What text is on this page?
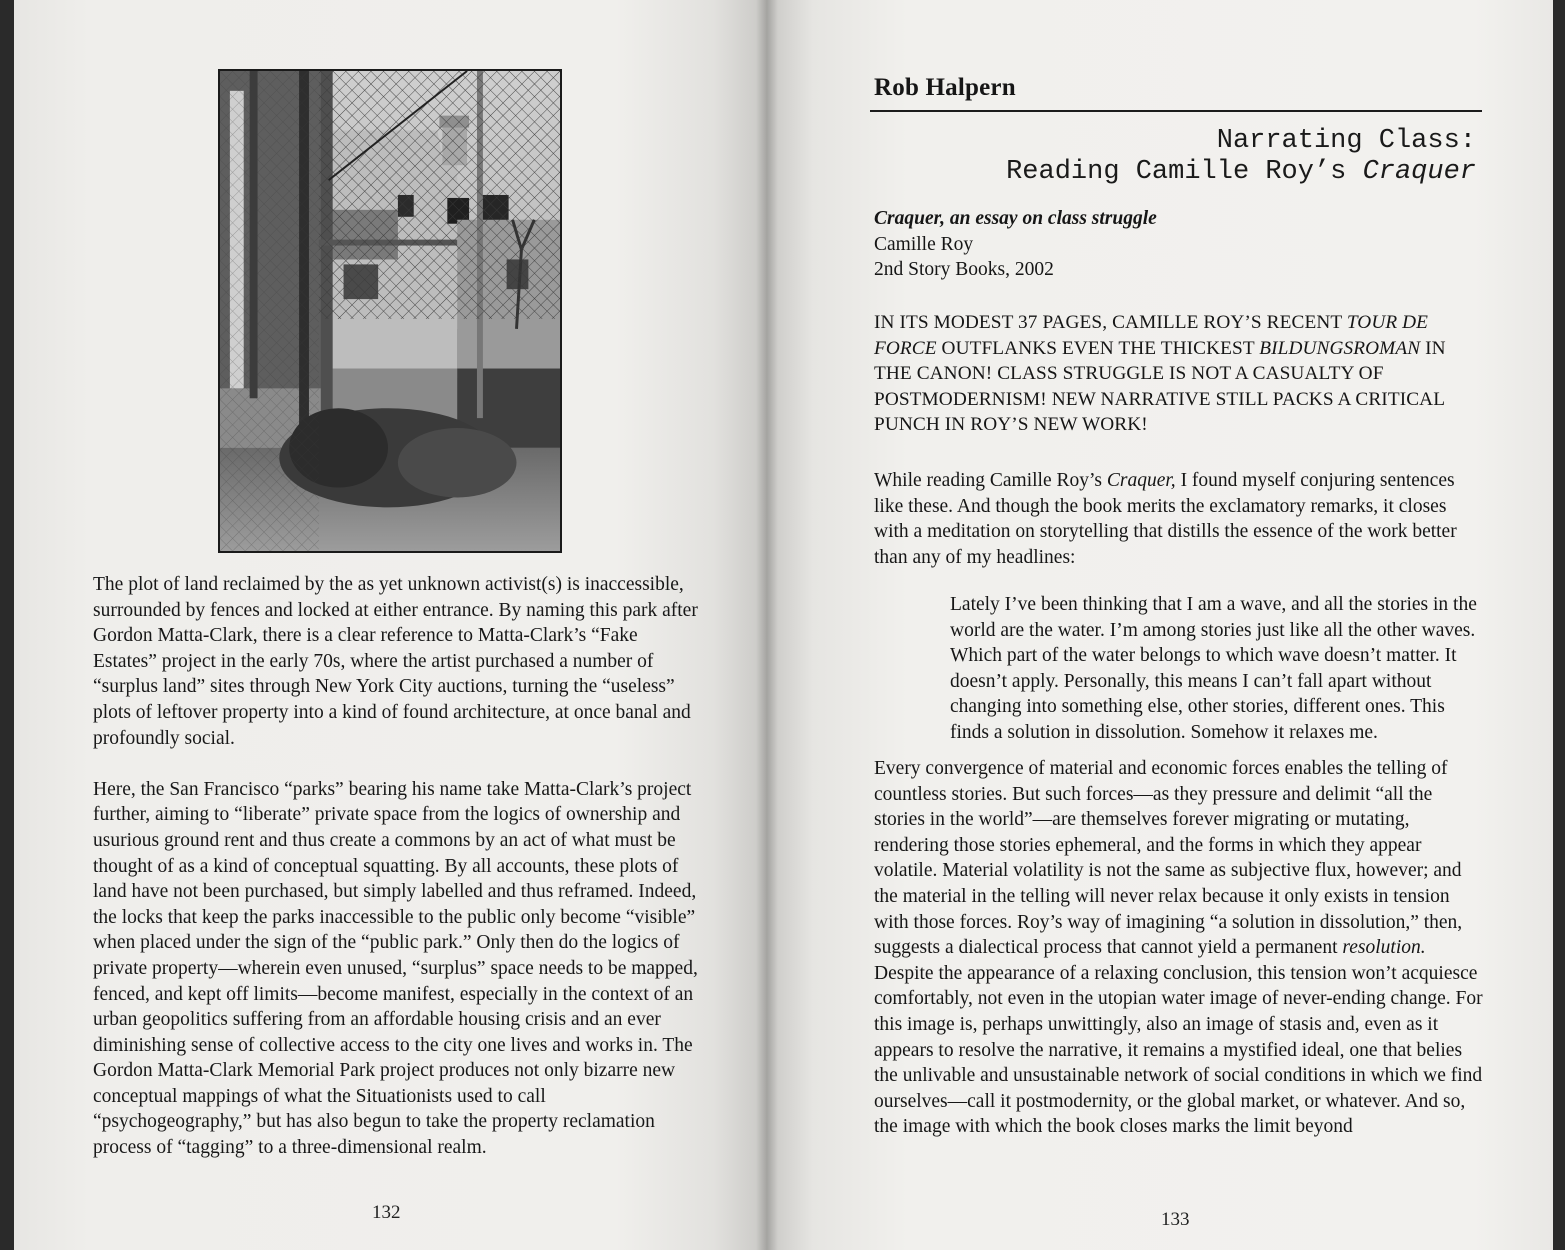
The plot of land reclaimed by the as yet unknown activist(s) is inaccessible, surrounded by fences and locked at either entrance. By naming this park after Gordon Matta-Clark, there is a clear reference to Matta-Clark’s “Fake Estates” project in the early 70s, where the artist purchased a number of “surplus land” sites through New York City auctions, turning the “useless” plots of leftover property into a kind of found architecture, at once banal and profoundly social.

Here, the San Francisco “parks” bearing his name take Matta-Clark’s project further, aiming to “liberate” private space from the logics of ownership and usurious ground rent and thus create a commons by an act of what must be thought of as a kind of conceptual squatting. By all accounts, these plots of land have not been purchased, but simply labelled and thus reframed. Indeed, the locks that keep the parks inaccessible to the public only become “visible” when placed under the sign of the “public park.” Only then do the logics of private property—wherein even unused, “surplus” space needs to be mapped, fenced, and kept off limits—become manifest, especially in the context of an urban geopolitics suffering from an affordable housing crisis and an ever diminishing sense of collective access to the city one lives and works in. The Gordon Matta-Clark Memorial Park project produces not only bizarre new conceptual mappings of what the Situationists used to call “psychogeography,” but has also begun to take the property reclamation process of “tagging” to a three-dimensional realm.

132
Rob Halpern
Narrating Class:
Reading Camille Roy’s Craquer
Craquer, an essay on class struggle
Camille Roy
2nd Story Books, 2002
IN ITS MODEST 37 PAGES, CAMILLE ROY’S RECENT TOUR DE FORCE OUTFLANKS EVEN THE THICKEST BILDUNGSROMAN IN THE CANON! CLASS STRUGGLE IS NOT A CASUALTY OF POSTMODERNISM! NEW NARRATIVE STILL PACKS A CRITICAL PUNCH IN ROY’S NEW WORK!
While reading Camille Roy’s Craquer, I found myself conjuring sentences like these. And though the book merits the exclamatory remarks, it closes with a meditation on storytelling that distills the essence of the work better than any of my headlines:
Lately I’ve been thinking that I am a wave, and all the stories in the world are the water. I’m among stories just like all the other waves. Which part of the water belongs to which wave doesn’t matter. It doesn’t apply. Personally, this means I can’t fall apart without changing into something else, other stories, different ones. This finds a solution in dissolution. Somehow it relaxes me.
Every convergence of material and economic forces enables the telling of countless stories. But such forces—as they pressure and delimit “all the stories in the world”—are themselves forever migrating or mutating, rendering those stories ephemeral, and the forms in which they appear volatile. Material volatility is not the same as subjective flux, however; and the material in the telling will never relax because it only exists in tension with those forces. Roy’s way of imagining “a solution in dissolution,” then, suggests a dialectical process that cannot yield a permanent resolution. Despite the appearance of a relaxing conclusion, this tension won’t acquiesce comfortably, not even in the utopian water image of never-ending change. For this image is, perhaps unwittingly, also an image of stasis and, even as it appears to resolve the narrative, it remains a mystified ideal, one that belies the unlivable and unsustainable network of social conditions in which we find ourselves—call it postmodernity, or the global market, or whatever. And so, the image with which the book closes marks the limit beyond
133
